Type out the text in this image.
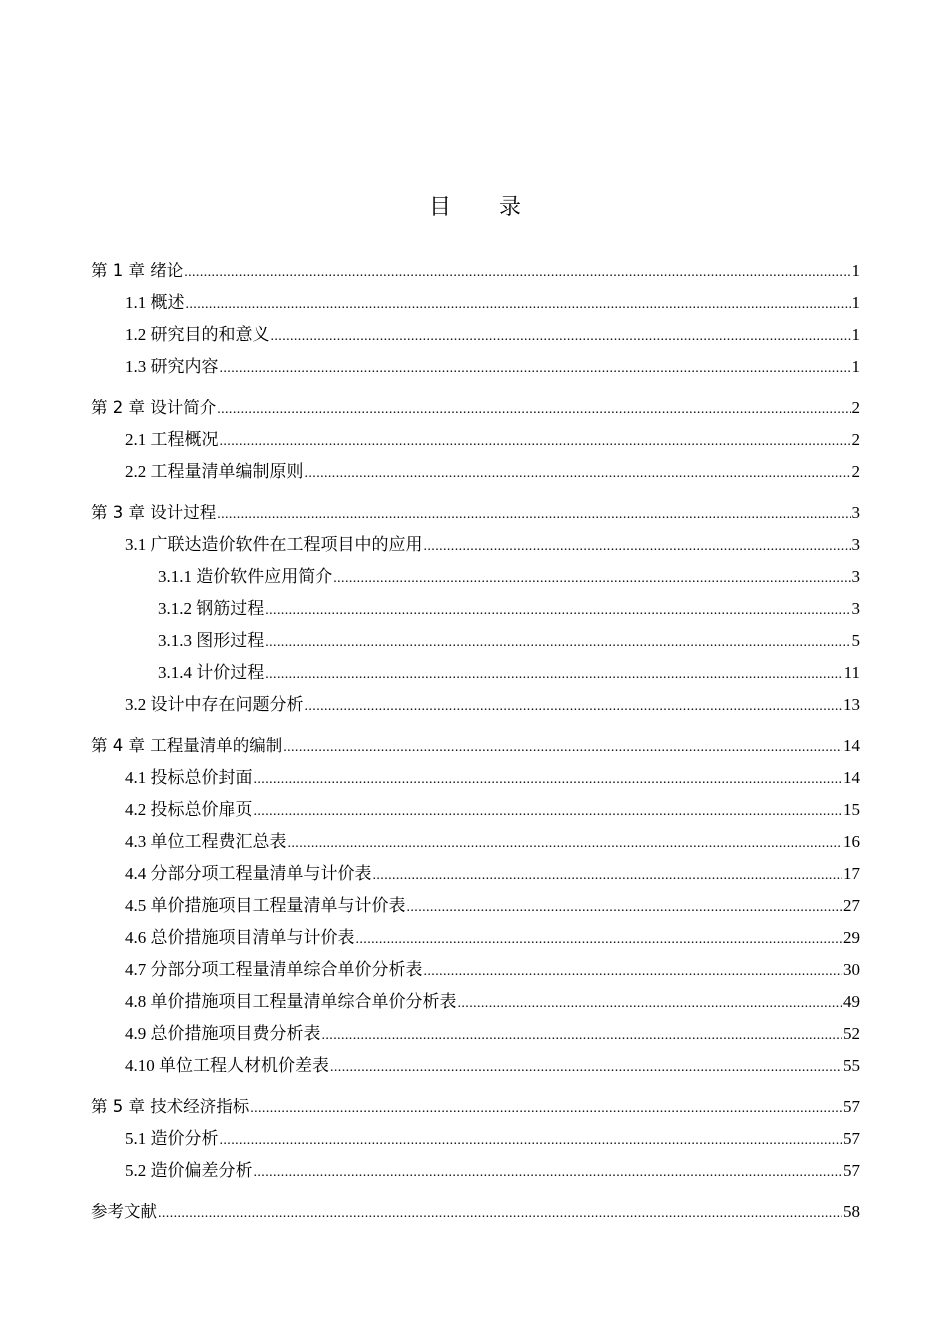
目 录
第 1 章 绪论 .....	1
1.1 概述 .....	1
1.2 研究目的和意义 .....	1
1.3 研究内容 .....	1
第 2 章 设计简介 .....	2
2.1 工程概况 .....	2
2.2 工程量清单编制原则 .....	2
第 3 章 设计过程 .....	3
3.1 广联达造价软件在工程项目中的应用 .....	3
3.1.1 造价软件应用简介 .....	3
3.1.2 钢筋过程 .....	3
3.1.3 图形过程 .....	5
3.1.4 计价过程 .....	11
3.2 设计中存在问题分析 .....	13
第 4 章 工程量清单的编制 .....	14
4.1 投标总价封面 .....	14
4.2 投标总价扉页 .....	15
4.3 单位工程费汇总表 .....	16
4.4 分部分项工程量清单与计价表 .....	17
4.5 单价措施项目工程量清单与计价表 .....	27
4.6 总价措施项目清单与计价表 .....	29
4.7 分部分项工程量清单综合单价分析表 .....	30
4.8 单价措施项目工程量清单综合单价分析表 .....	49
4.9 总价措施项目费分析表 .....	52
4.10 单位工程人材机价差表 .....	55
第 5 章 技术经济指标 .....	57
5.1 造价分析 .....	57
5.2 造价偏差分析 .....	57
参考文献 .....	58
